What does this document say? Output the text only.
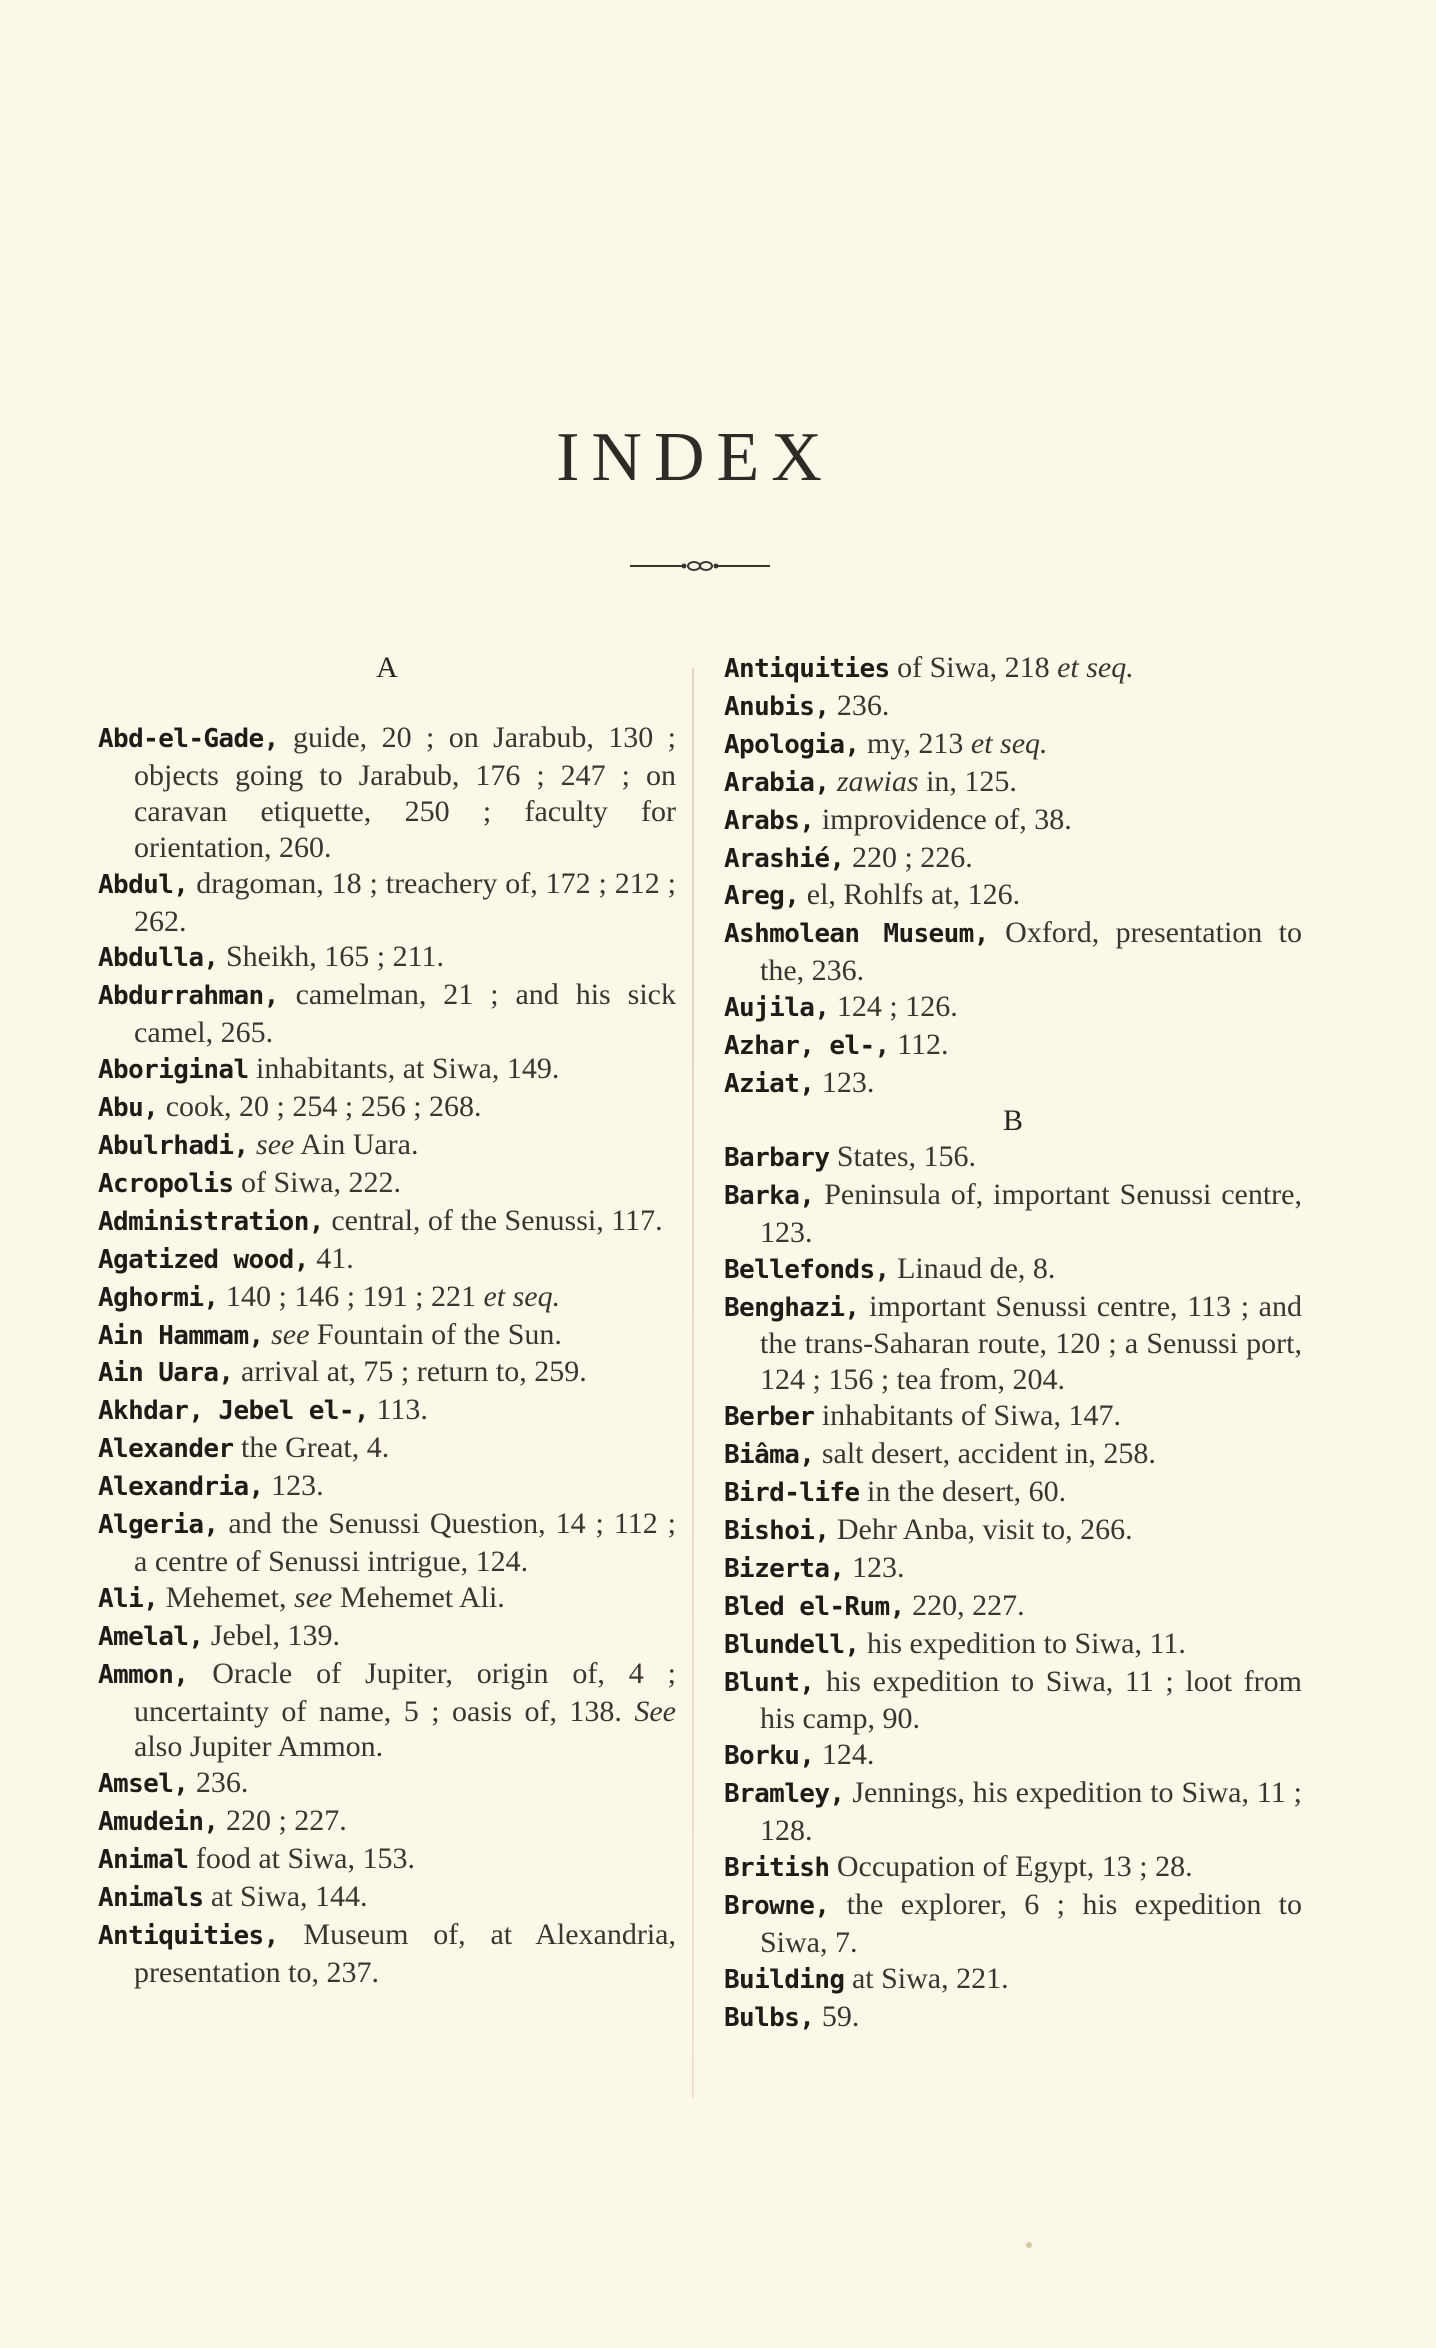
INDEX
A

Abd-el-Gade, guide, 20 ; on Jarabub, 130 ; objects going to Jarabub, 176 ; 247 ; on caravan etiquette, 250 ; faculty for orientation, 260.

Abdul, dragoman, 18 ; treachery of, 172 ; 212 ; 262.

Abdulla, Sheikh, 165 ; 211.

Abdurrahman, camelman, 21 ; and his sick camel, 265.

Aboriginal inhabitants, at Siwa, 149.

Abu, cook, 20 ; 254 ; 256 ; 268.

Abulrhadi, see Ain Uara.

Acropolis of Siwa, 222.

Administration, central, of the Senussi, 117.

Agatized wood, 41.

Aghormi, 140 ; 146 ; 191 ; 221 et seq.

Ain Hammam, see Fountain of the Sun.

Ain Uara, arrival at, 75 ; return to, 259.

Akhdar, Jebel el-, 113.

Alexander the Great, 4.

Alexandria, 123.

Algeria, and the Senussi Question, 14 ; 112 ; a centre of Senussi intrigue, 124.

Ali, Mehemet, see Mehemet Ali.

Amelal, Jebel, 139.

Ammon, Oracle of Jupiter, origin of, 4 ; uncertainty of name, 5 ; oasis of, 138. See also Jupiter Ammon.

Amsel, 236.

Amudein, 220 ; 227.

Animal food at Siwa, 153.

Animals at Siwa, 144.

Antiquities, Museum of, at Alexandria, presentation to, 237.

Antiquities of Siwa, 218 et seq.

Anubis, 236.

Apologia, my, 213 et seq.

Arabia, zawias in, 125.

Arabs, improvidence of, 38.

Arashié, 220 ; 226.

Areg, el, Rohlfs at, 126.

Ashmolean Museum, Oxford, presentation to the, 236.

Aujila, 124 ; 126.

Azhar, el-, 112.

Aziat, 123.

B

Barbary States, 156.

Barka, Peninsula of, important Senussi centre, 123.

Bellefonds, Linaud de, 8.

Benghazi, important Senussi centre, 113 ; and the trans-Saharan route, 120 ; a Senussi port, 124 ; 156 ; tea from, 204.

Berber inhabitants of Siwa, 147.

Biâma, salt desert, accident in, 258.

Bird-life in the desert, 60.

Bishoi, Dehr Anba, visit to, 266.

Bizerta, 123.

Bled el-Rum, 220, 227.

Blundell, his expedition to Siwa, 11.

Blunt, his expedition to Siwa, 11 ; loot from his camp, 90.

Borku, 124.

Bramley, Jennings, his expedition to Siwa, 11 ; 128.

British Occupation of Egypt, 13 ; 28.

Browne, the explorer, 6 ; his expedition to Siwa, 7.

Building at Siwa, 221.

Bulbs, 59.
